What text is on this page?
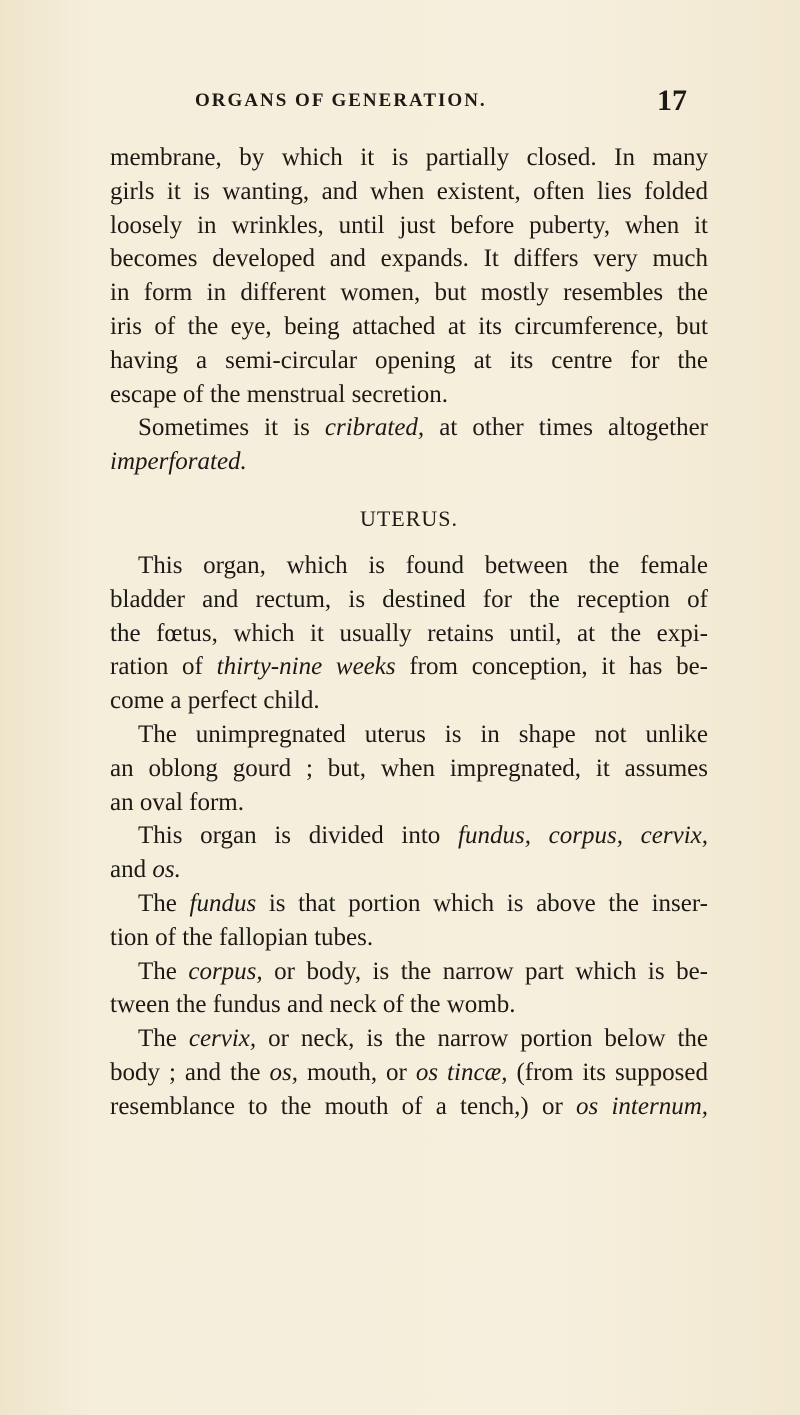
ORGANS OF GENERATION.	17

membrane, by which it is partially closed. In many
girls it is wanting, and when existent, often lies folded
loosely in wrinkles, until just before puberty, when it
becomes developed and expands. It differs very much
in form in different women, but mostly resembles the
iris of the eye, being attached at its circumference, but
having a semi-circular opening at its centre for the
escape of the menstrual secretion.

Sometimes it is cribrated, at other times altogether
imperforated.

UTERUS.

This organ, which is found between the female
bladder and rectum, is destined for the reception of
the fœtus, which it usually retains until, at the expi-
ration of thirty-nine weeks from conception, it has be-
come a perfect child.

The unimpregnated uterus is in shape not unlike
an oblong gourd ; but, when impregnated, it assumes
an oval form.

This organ is divided into fundus, corpus, cervix,
and os.

The fundus is that portion which is above the inser-
tion of the fallopian tubes.

The corpus, or body, is the narrow part which is be-
tween the fundus and neck of the womb.

The cervix, or neck, is the narrow portion below the
body ; and the os, mouth, or os tincæ, (from its supposed
resemblance to the mouth of a tench,) or os internum,
